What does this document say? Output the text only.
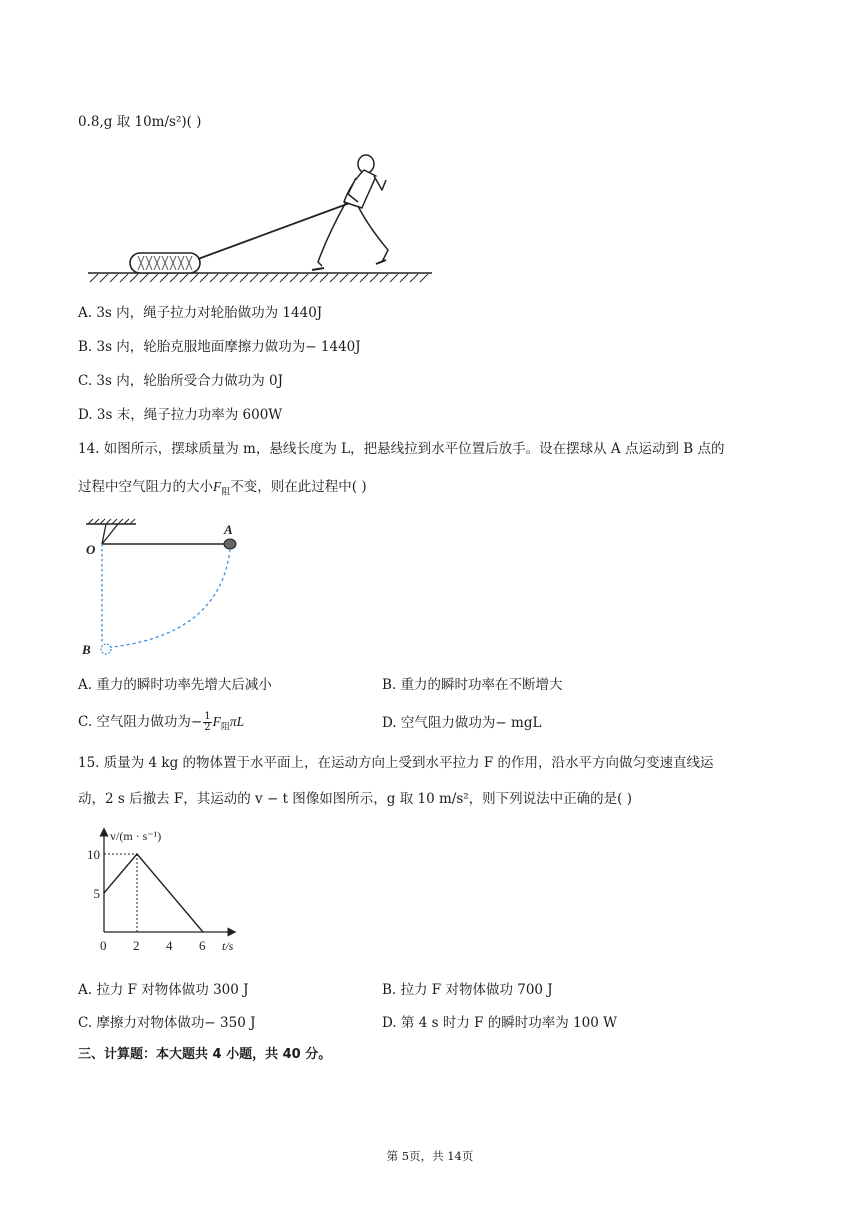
0.8,g 取 10m/s²)( )
A. 3s 内，绳子拉力对轮胎做功为 1440J
B. 3s 内，轮胎克服地面摩擦力做功为− 1440J
C. 3s 内，轮胎所受合力做功为 0J
D. 3s 末，绳子拉力功率为 600W
14. 如图所示，摆球质量为 m，悬线长度为 L，把悬线拉到水平位置后放手。设在摆球从 A 点运动到 B 点的
过程中空气阻力的大小$F_阻$不变，则在此过程中( )
A
O
B
A. 重力的瞬时功率先增大后减小	B. 重力的瞬时功率在不断增大
C. 空气阻力做功为− $\frac{1}{2} F_阻\pi L$	D. 空气阻力做功为− mgL
15. 质量为 4 kg 的物体置于水平面上，在运动方向上受到水平拉力 F 的作用，沿水平方向做匀变速直线运
动，2 s 后撤去 F，其运动的 v − t 图像如图所示，g 取 10 m/s²，则下列说法中正确的是( )
v/(m · s⁻¹)
t/s
0 2 4 6
5
10
A. 拉力 F 对物体做功 300 J	B. 拉力 F 对物体做功 700 J
C. 摩擦力对物体做功− 350 J	D. 第 4 s 时力 F 的瞬时功率为 100 W
三、计算题：本大题共 4 小题，共 40 分。
第 5页，共 14页
